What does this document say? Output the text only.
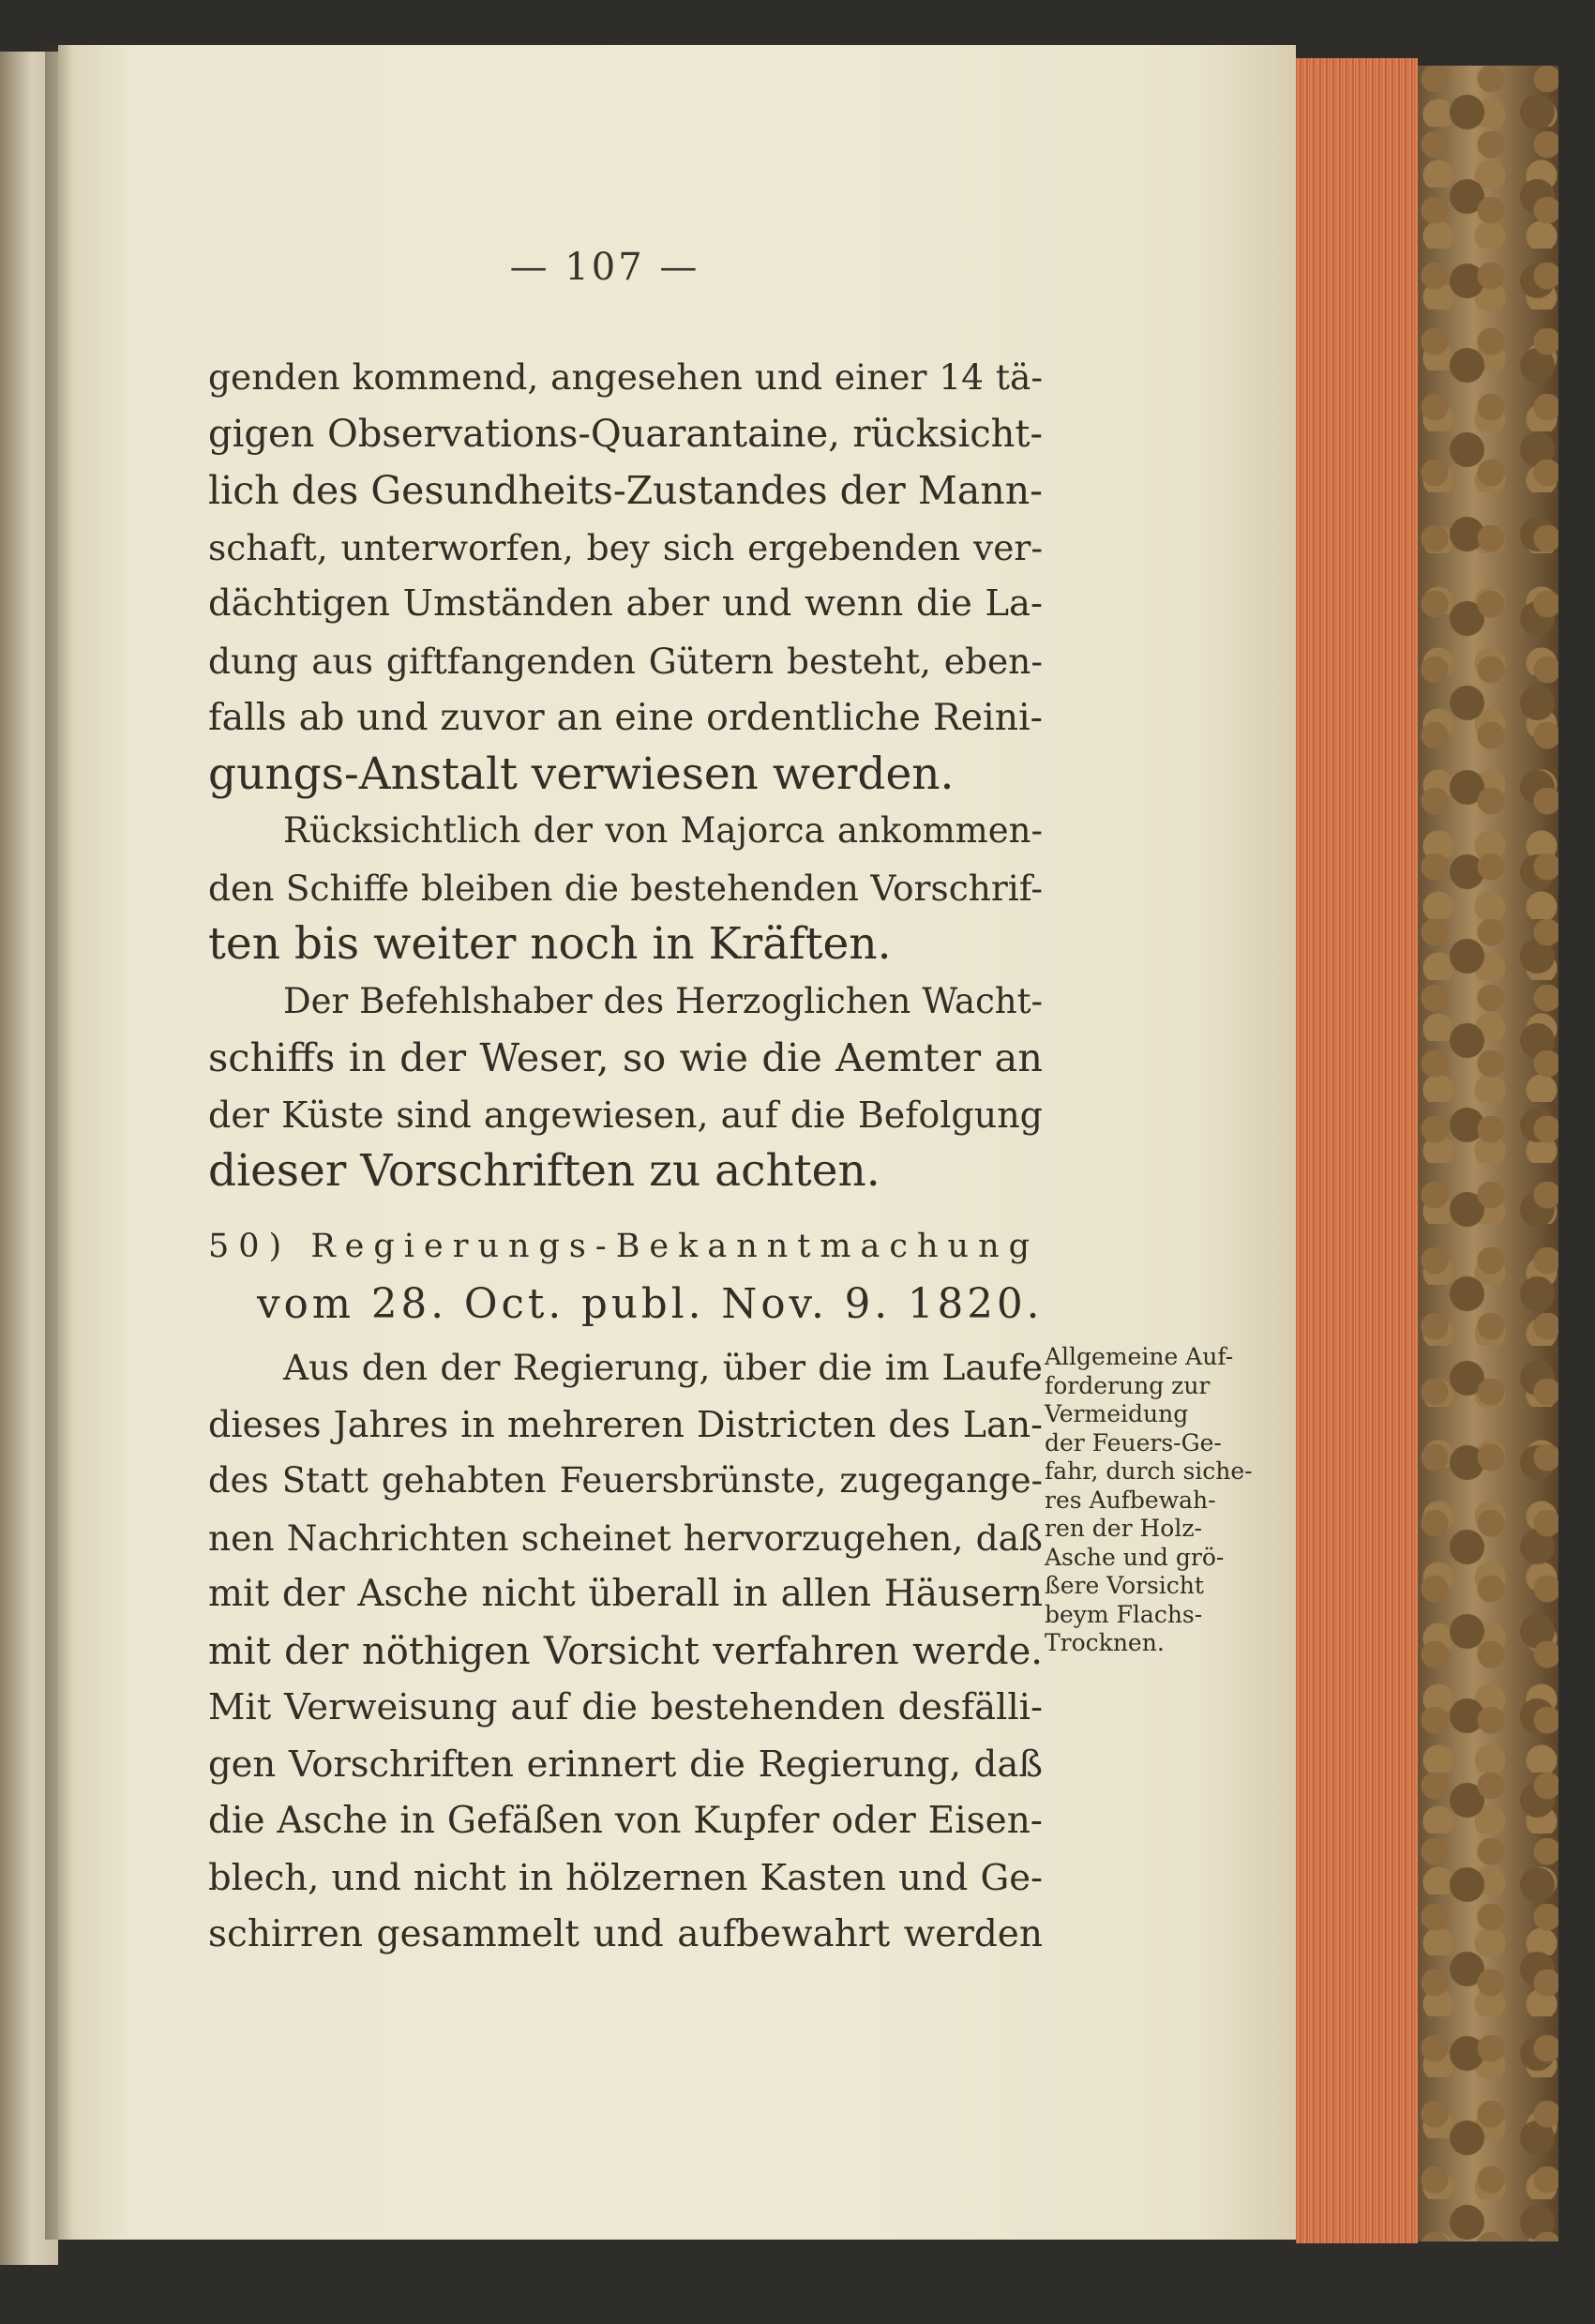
— 107 —
genden kommend, angesehen und einer 14 tä-
gigen Observations-Quarantaine, rücksicht-
lich des Gesundheits-Zustandes der Mann-
schaft, unterworfen, bey sich ergebenden ver-
dächtigen Umständen aber und wenn die La-
dung aus giftfangenden Gütern besteht, eben-
falls ab und zuvor an eine ordentliche Reini-
gungs-Anstalt verwiesen werden.
Rücksichtlich der von Majorca ankommen-
den Schiffe bleiben die bestehenden Vorschrif-
ten bis weiter noch in Kräften.
Der Befehlshaber des Herzoglichen Wacht-
schiffs in der Weser, so wie die Aemter an
der Küste sind angewiesen, auf die Befolgung
dieser Vorschriften zu achten.
50) Regierungs-Bekanntmachung
vom 28. Oct. publ. Nov. 9. 1820.
Aus den der Regierung, über die im Laufe
dieses Jahres in mehreren Districten des Lan-
des Statt gehabten Feuersbrünste, zugegange-
nen Nachrichten scheinet hervorzugehen, daß
mit der Asche nicht überall in allen Häusern
mit der nöthigen Vorsicht verfahren werde.
Mit Verweisung auf die bestehenden desfälli-
gen Vorschriften erinnert die Regierung, daß
die Asche in Gefäßen von Kupfer oder Eisen-
blech, und nicht in hölzernen Kasten und Ge-
schirren gesammelt und aufbewahrt werden
Allgemeine Auf-
forderung zur
Vermeidung
der Feuers-Ge-
fahr, durch siche-
res Aufbewah-
ren der Holz-
Asche und grö-
ßere Vorsicht
beym Flachs-
Trocknen.
